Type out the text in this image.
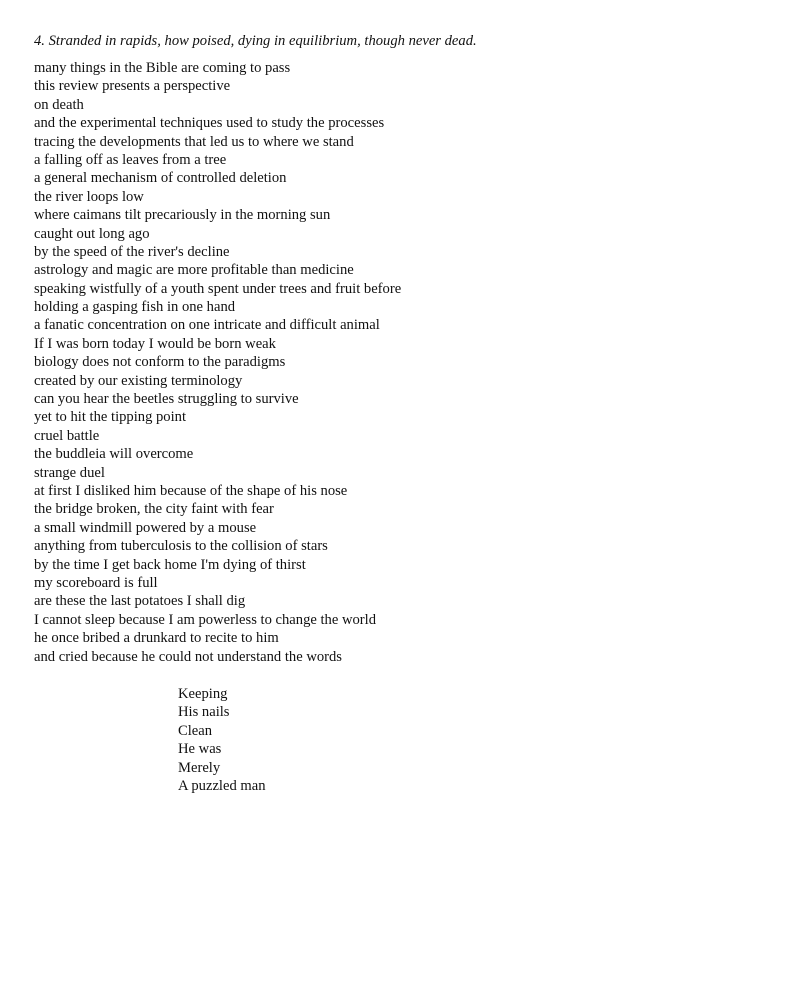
4. Stranded in rapids, how poised, dying in equilibrium, though never dead.
many things in the Bible are coming to pass
this review presents a perspective
on death
and the experimental techniques used to study the processes
tracing the developments that led us to where we stand
a falling off as leaves from a tree
a general mechanism of controlled deletion
the river loops low
where caimans tilt precariously in the morning sun
caught out long ago
by the speed of the river's decline
astrology and magic are more profitable than medicine
speaking wistfully of a youth spent under trees and fruit before
holding a gasping fish in one hand
a fanatic concentration on one intricate and difficult animal
If I was born today I would be born weak
biology does not conform to the paradigms
created by our existing terminology
can you hear the beetles struggling to survive
yet to hit the tipping point
cruel battle
the buddleia will overcome
strange duel
at first I disliked him because of the shape of his nose
the bridge broken, the city faint with fear
a small windmill powered by a mouse
anything from tuberculosis to the collision of stars
by the time I get back home I'm dying of thirst
my scoreboard is full
are these the last potatoes I shall dig
I cannot sleep because I am powerless to change the world
he once bribed a drunkard to recite to him
and cried because he could not understand the words
Keeping
His nails
Clean
He was
Merely
A puzzled man
